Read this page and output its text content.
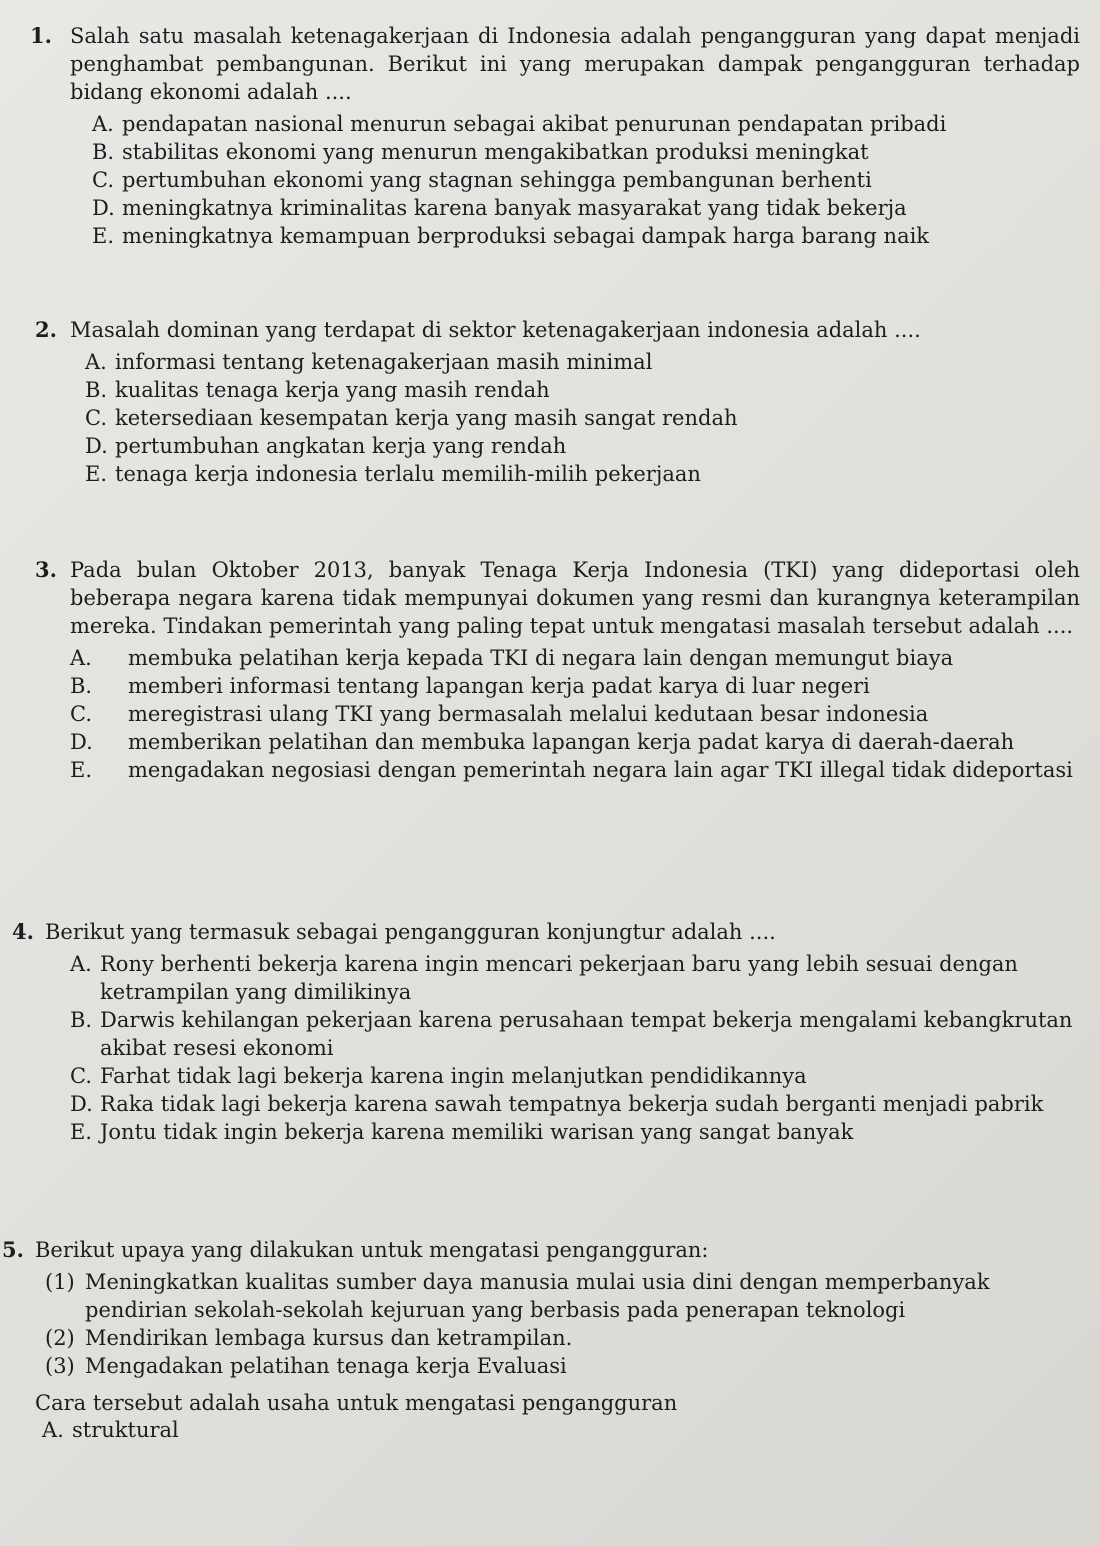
1. Salah satu masalah ketenagakerjaan di Indonesia adalah pengangguran yang dapat menjadi penghambat pembangunan. Berikut ini yang merupakan dampak pengangguran terhadap bidang ekonomi adalah ....
A. pendapatan nasional menurun sebagai akibat penurunan pendapatan pribadi
B. stabilitas ekonomi yang menurun mengakibatkan produksi meningkat
C. pertumbuhan ekonomi yang stagnan sehingga pembangunan berhenti
D. meningkatnya kriminalitas karena banyak masyarakat yang tidak bekerja
E. meningkatnya kemampuan berproduksi sebagai dampak harga barang naik
2. Masalah dominan yang terdapat di sektor ketenagakerjaan indonesia adalah ....
A. informasi tentang ketenagakerjaan masih minimal
B. kualitas tenaga kerja yang masih rendah
C. ketersediaan kesempatan kerja yang masih sangat rendah
D. pertumbuhan angkatan kerja yang rendah
E. tenaga kerja indonesia terlalu memilih-milih pekerjaan
3. Pada bulan Oktober 2013, banyak Tenaga Kerja Indonesia (TKI) yang dideportasi oleh beberapa negara karena tidak mempunyai dokumen yang resmi dan kurangnya keterampilan mereka. Tindakan pemerintah yang paling tepat untuk mengatasi masalah tersebut adalah ....
A. membuka pelatihan kerja kepada TKI di negara lain dengan memungut biaya
B. memberi informasi tentang lapangan kerja padat karya di luar negeri
C. meregistrasi ulang TKI yang bermasalah melalui kedutaan besar indonesia
D. memberikan pelatihan dan membuka lapangan kerja padat karya di daerah-daerah
E. mengadakan negosiasi dengan pemerintah negara lain agar TKI illegal tidak dideportasi
4. Berikut yang termasuk sebagai pengangguran konjungtur adalah ....
A. Rony berhenti bekerja karena ingin mencari pekerjaan baru yang lebih sesuai dengan ketrampilan yang dimilikinya
B. Darwis kehilangan pekerjaan karena perusahaan tempat bekerja mengalami kebangkrutan akibat resesi ekonomi
C. Farhat tidak lagi bekerja karena ingin melanjutkan pendidikannya
D. Raka tidak lagi bekerja karena sawah tempatnya bekerja sudah berganti menjadi pabrik
E. Jontu tidak ingin bekerja karena memiliki warisan yang sangat banyak
5. Berikut upaya yang dilakukan untuk mengatasi pengangguran:
(1) Meningkatkan kualitas sumber daya manusia mulai usia dini dengan memperbanyak pendirian sekolah-sekolah kejuruan yang berbasis pada penerapan teknologi
(2) Mendirikan lembaga kursus dan ketrampilan.
(3) Mengadakan pelatihan tenaga kerja Evaluasi
Cara tersebut adalah usaha untuk mengatasi pengangguran
A. struktural
